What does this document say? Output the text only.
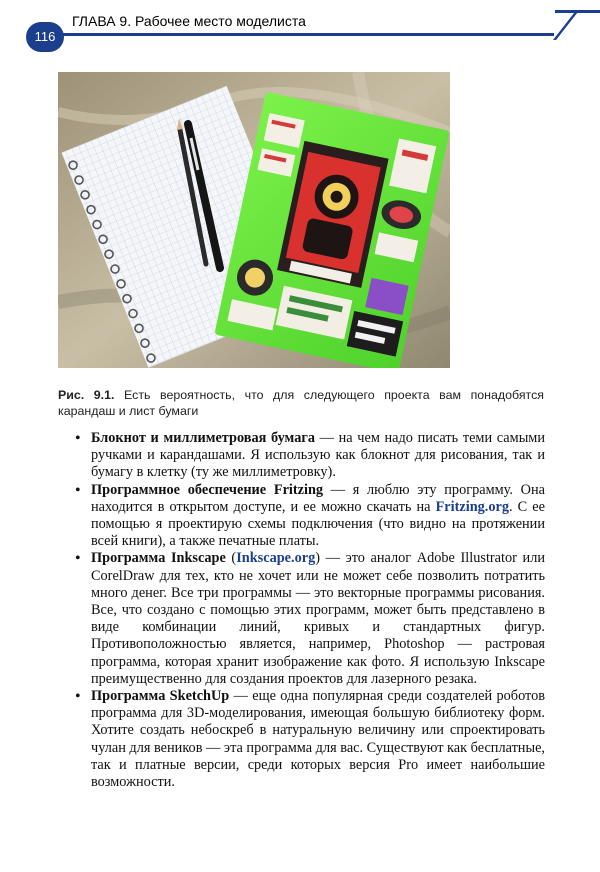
116
ГЛАВА 9. Рабочее место моделиста
Рис. 9.1. Есть вероятность, что для следующего проекта вам понадобятся карандаш и лист бумаги
• Блокнот и миллиметровая бумага — на чем надо писать теми самыми ручками и карандашами. Я использую как блокнот для рисования, так и бумагу в клетку (ту же миллиметровку).
• Программное обеспечение Fritzing — я люблю эту программу. Она находится в открытом доступе, и ее можно скачать на Fritzing.org. С ее помощью я проектирую схемы подключения (что видно на протяжении всей книги), а также печатные платы.
• Программа Inkscape (Inkscape.org) — это аналог Adobe Illustrator или CorelDraw для тех, кто не хочет или не может себе позволить потратить много денег. Все три программы — это векторные программы рисования. Все, что создано с помощью этих программ, может быть представлено в виде комбинации линий, кривых и стандартных фигур. Противоположностью является, например, Photoshop — растровая программа, которая хранит изображение как фото. Я использую Inkscape преимущественно для создания проектов для лазерного резака.
• Программа SketchUp — еще одна популярная среди создателей роботов программа для 3D-моделирования, имеющая большую библиотеку форм. Хотите создать небоскреб в натуральную величину или спроектировать чулан для веников — эта программа для вас. Существуют как бесплатные, так и платные версии, среди которых версия Pro имеет наибольшие возможности.
